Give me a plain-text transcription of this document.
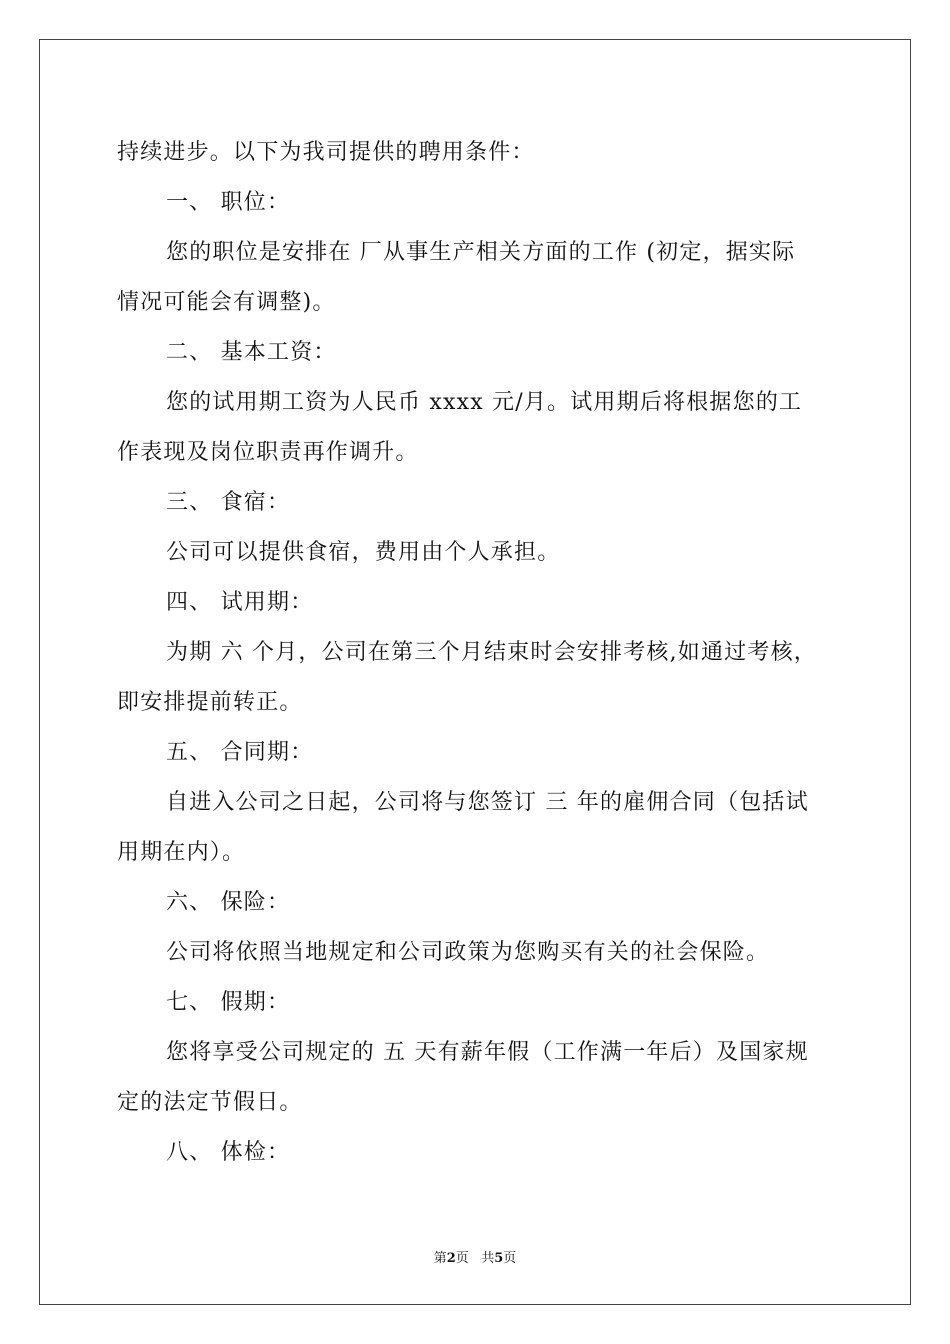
持续进步。以下为我司提供的聘用条件：
一、 职位：
您的职位是安排在 厂从事生产相关方面的工作 (初定，据实际
情况可能会有调整)。
二、 基本工资：
您的试用期工资为人民币 xxxx 元/月。试用期后将根据您的工
作表现及岗位职责再作调升。
三、 食宿：
公司可以提供食宿，费用由个人承担。
四、 试用期：
为期 六 个月，公司在第三个月结束时会安排考核,如通过考核，
即安排提前转正。
五、 合同期：
自进入公司之日起，公司将与您签订 三 年的雇佣合同（包括试
用期在内）。
六、 保险：
公司将依照当地规定和公司政策为您购买有关的社会保险。
七、 假期：
您将享受公司规定的 五 天有薪年假（工作满一年后）及国家规
定的法定节假日。
八、 体检：
第2页   共5页
